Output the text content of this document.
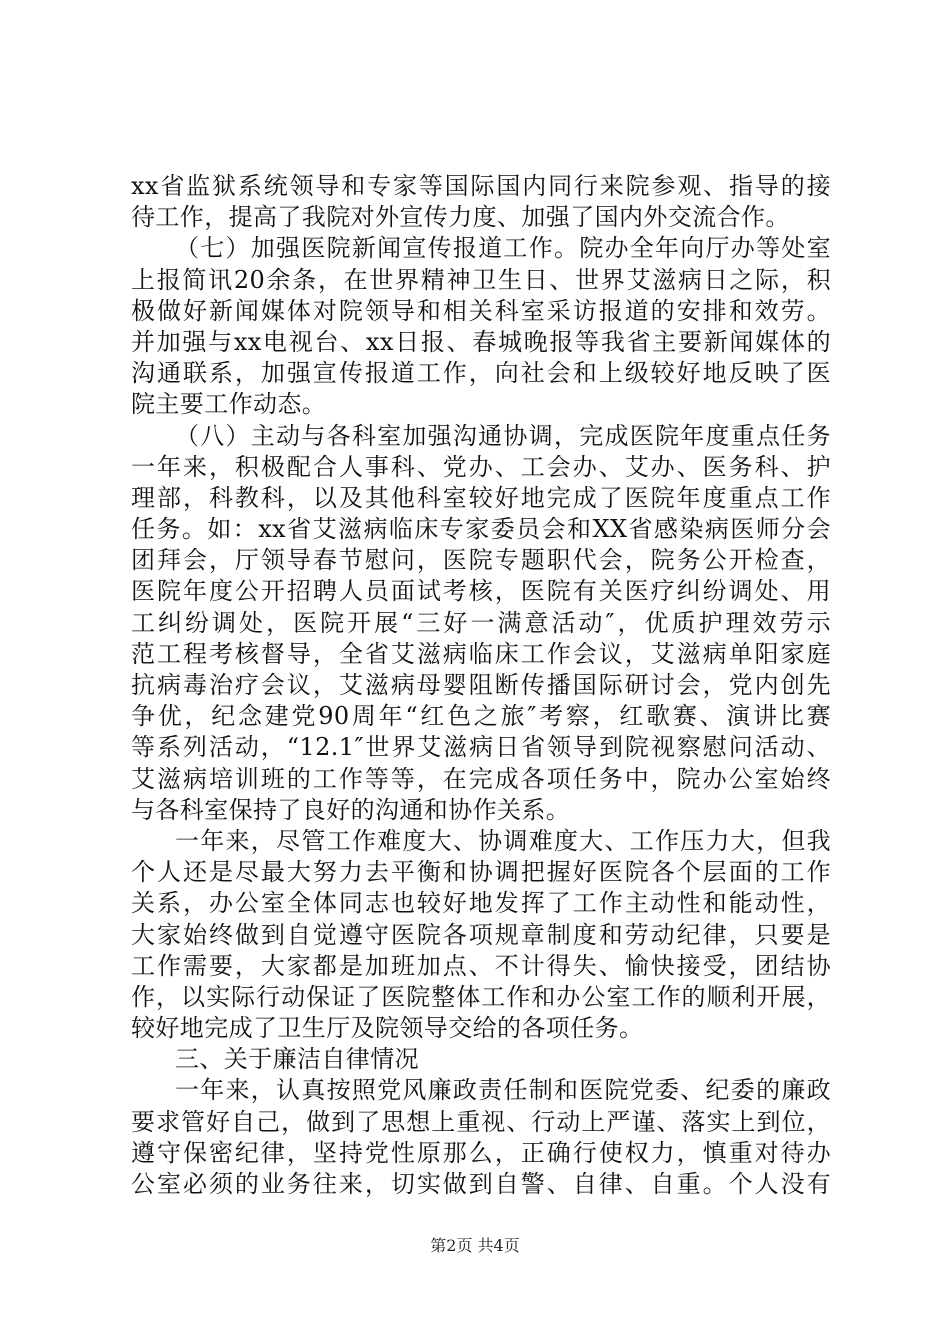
xx省监狱系统领导和专家等国际国内同行来院参观、指导的接
待工作，提高了我院对外宣传力度、加强了国内外交流合作。
（七）加强医院新闻宣传报道工作。院办全年向厅办等处室
上报简讯20余条，在世界精神卫生日、世界艾滋病日之际，积
极做好新闻媒体对院领导和相关科室采访报道的安排和效劳。
并加强与xx电视台、xx日报、春城晚报等我省主要新闻媒体的
沟通联系，加强宣传报道工作，向社会和上级较好地反映了医
院主要工作动态。
（八）主动与各科室加强沟通协调，完成医院年度重点任务
一年来，积极配合人事科、党办、工会办、艾办、医务科、护
理部，科教科，以及其他科室较好地完成了医院年度重点工作
任务。如：xx省艾滋病临床专家委员会和XX省感染病医师分会
团拜会，厅领导春节慰问，医院专题职代会，院务公开检查，
医院年度公开招聘人员面试考核，医院有关医疗纠纷调处、用
工纠纷调处，医院开展“三好一满意活动″，优质护理效劳示
范工程考核督导，全省艾滋病临床工作会议，艾滋病单阳家庭
抗病毒治疗会议，艾滋病母婴阻断传播国际研讨会，党内创先
争优，纪念建党90周年“红色之旅″考察，红歌赛、演讲比赛
等系列活动，“12.1″世界艾滋病日省领导到院视察慰问活动、
艾滋病培训班的工作等等，在完成各项任务中，院办公室始终
与各科室保持了良好的沟通和协作关系。
一年来，尽管工作难度大、协调难度大、工作压力大，但我
个人还是尽最大努力去平衡和协调把握好医院各个层面的工作
关系，办公室全体同志也较好地发挥了工作主动性和能动性，
大家始终做到自觉遵守医院各项规章制度和劳动纪律，只要是
工作需要，大家都是加班加点、不计得失、愉快接受，团结协
作，以实际行动保证了医院整体工作和办公室工作的顺利开展，
较好地完成了卫生厅及院领导交给的各项任务。
三、关于廉洁自律情况
一年来，认真按照党风廉政责任制和医院党委、纪委的廉政
要求管好自己，做到了思想上重视、行动上严谨、落实上到位，
遵守保密纪律，坚持党性原那么，正确行使权力，慎重对待办
公室必须的业务往来，切实做到自警、自律、自重。个人没有
第2页 共4页
